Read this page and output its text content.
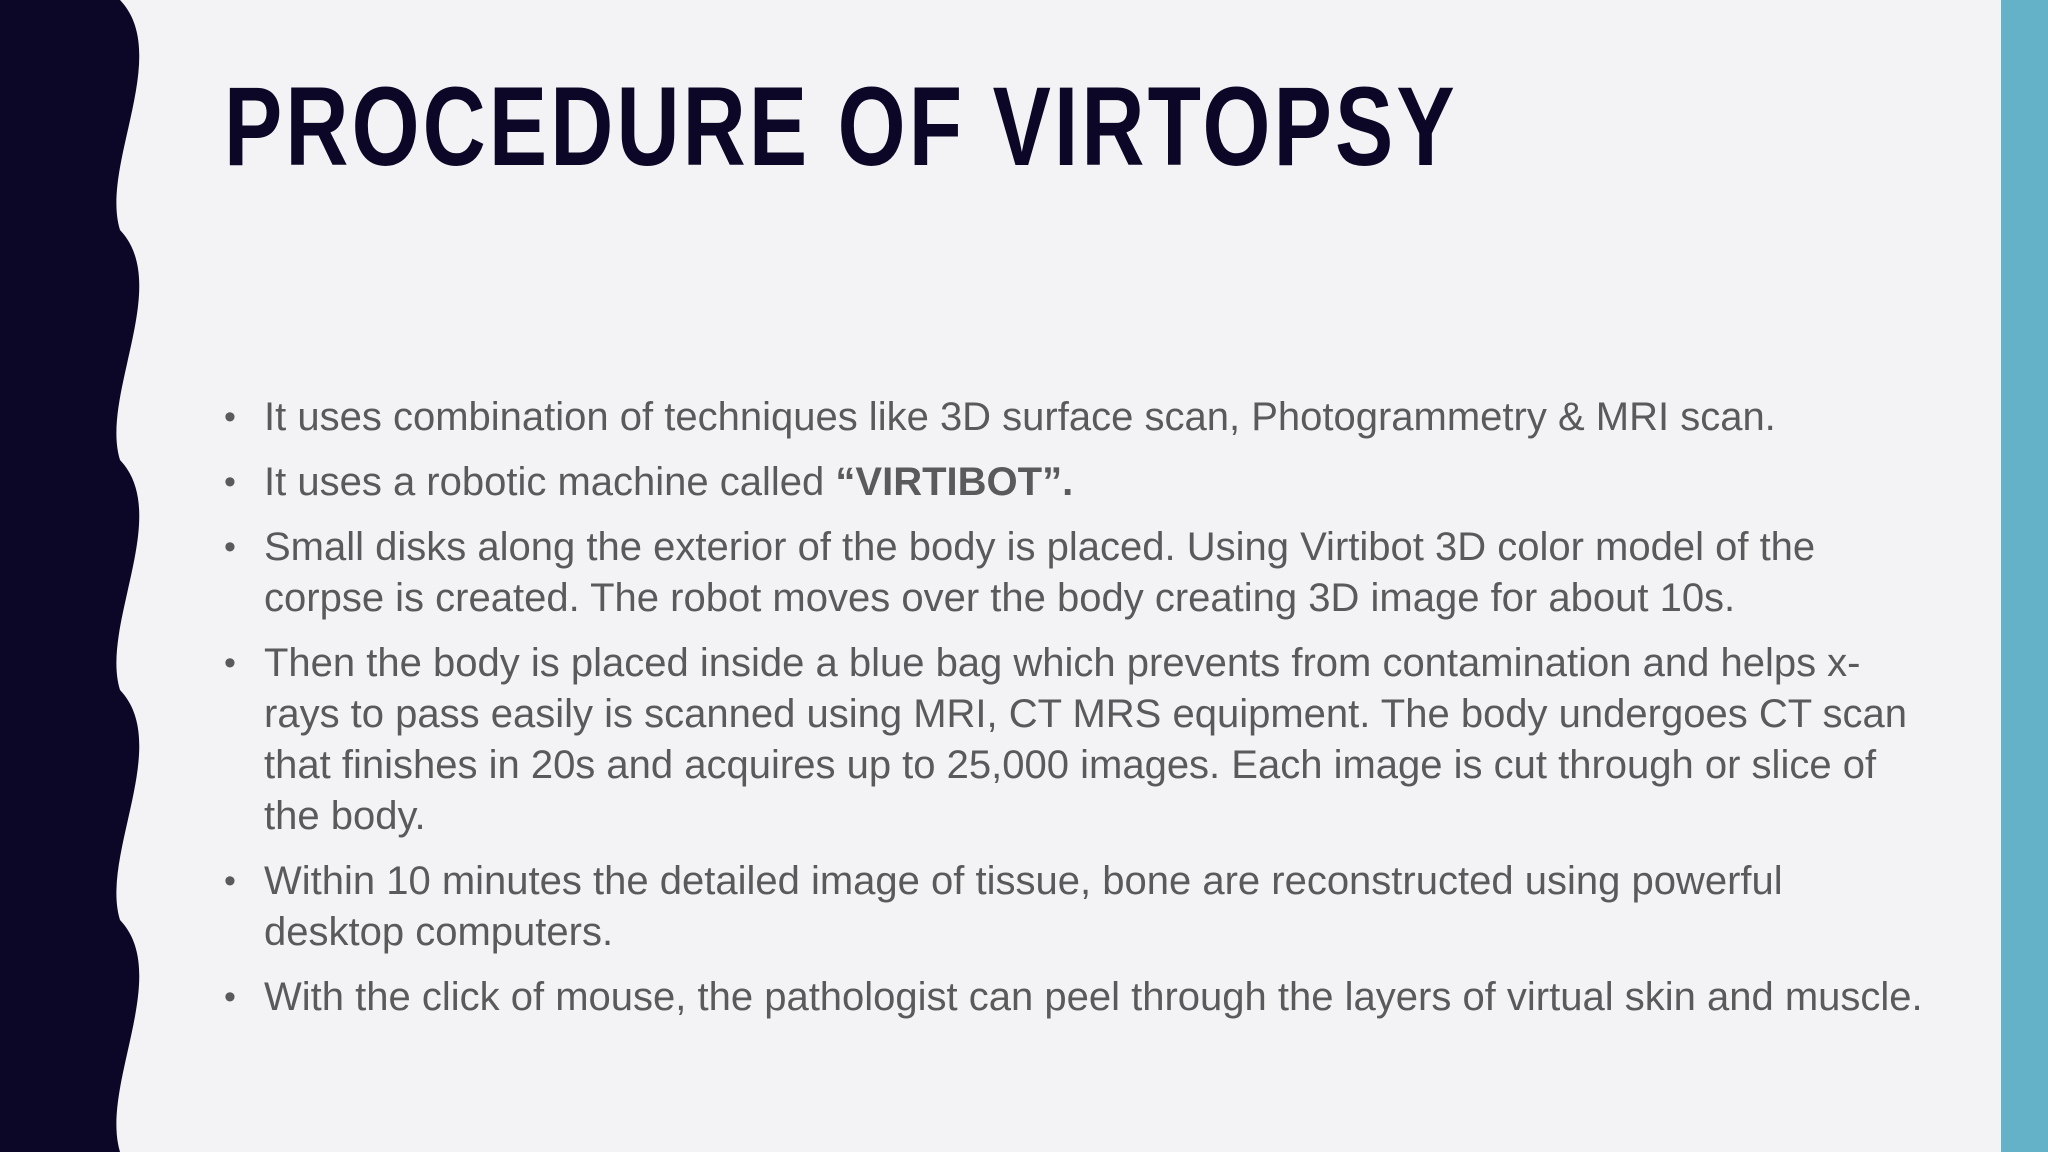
PROCEDURE OF VIRTOPSY
• It uses combination of techniques like 3D surface scan, Photogrammetry & MRI scan.
• It uses a robotic machine called “VIRTIBOT”.
• Small disks along the exterior of the body is placed. Using Virtibot 3D color model of the corpse is created. The robot moves over the body creating 3D image for about 10s.
• Then the body is placed inside a blue bag which prevents from contamination and helps x-rays to pass easily is scanned using MRI, CT MRS equipment. The body undergoes CT scan that finishes in 20s and acquires up to 25,000 images. Each image is cut through or slice of the body.
• Within 10 minutes the detailed image of tissue, bone are reconstructed using powerful desktop computers.
• With the click of mouse, the pathologist can peel through the layers of virtual skin and muscle.
